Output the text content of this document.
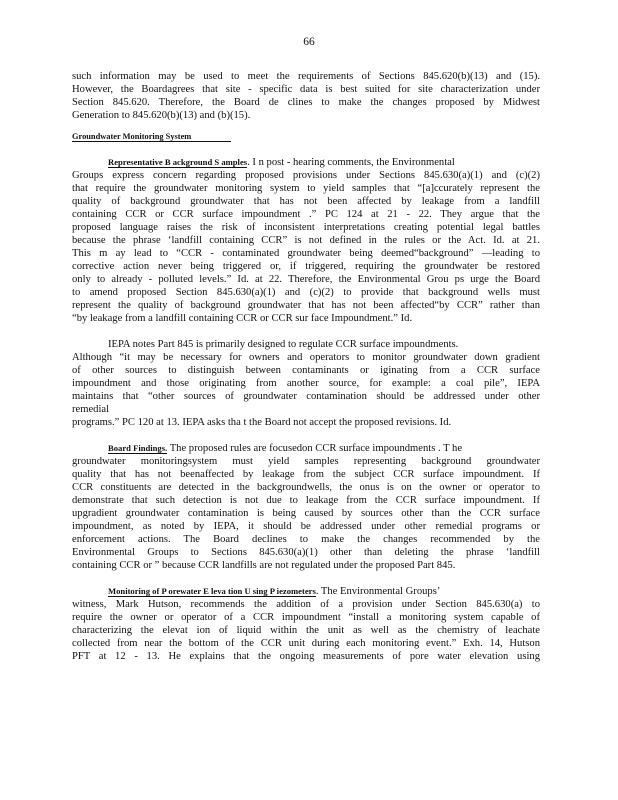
66
such information may be used to meet the requirements of Sections 845.620(b)(13) and (15).
However, the Boardagrees that site - specific data is best suited for site characterization under
Section 845.620. Therefore, the Board de clines to make the changes proposed by Midwest
Generation to 845.620(b)(13) and (b)(15).
Groundwater Monitoring System
Representative B ackground S amples. I n post - hearing comments, the Environmental
Groups express concern regarding proposed provisions under Sections 845.630(a)(1) and (c)(2)
that require the groundwater monitoring system to yield samples that “[a]ccurately represent the
quality of background groundwater that has not been affected by leakage from a landfill
containing CCR or CCR surface impoundment .” PC 124 at 21 - 22. They argue that the
proposed language raises the risk of inconsistent interpretations creating potential legal battles
because the phrase ‘landfill containing CCR” is not defined in the rules or the Act. Id. at 21.
This m ay lead to “CCR - contaminated groundwater being deemed“background” —leading to
corrective action never being triggered or, if triggered, requiring the groundwater be restored
only to already - polluted levels.” Id. at 22. Therefore, the Environmental Grou ps urge the Board
to amend proposed Section 845.630(a)(1) and (c)(2) to provide that background wells must
represent the quality of background groundwater that has not been affected“by CCR” rather than
“by leakage from a landfill containing CCR or CCR sur face Impoundment.” Id.
IEPA notes Part 845 is primarily designed to regulate CCR surface impoundments.
Although “it may be necessary for owners and operators to monitor groundwater down gradient
of other sources to distinguish between contaminants or iginating from a CCR surface
impoundment and those originating from another source, for example: a coal pile”, IEPA
maintains that “other sources of groundwater contamination should be addressed under other
remedial
programs.” PC 120 at 13. IEPA asks tha t the Board not accept the proposed revisions. Id.
Board Findings. The proposed rules are focusedon CCR surface impoundments . T he
groundwater monitoringsystem must yield samples representing background groundwater
quality that has not beenaffected by leakage from the subject CCR surface impoundment. If
CCR constituents are detected in the backgroundwells, the onus is on the owner or operator to
demonstrate that such detection is not due to leakage from the CCR surface impoundment. If
upgradient groundwater contamination is being caused by sources other than the CCR surface
impoundment, as noted by IEPA, it should be addressed under other remedial programs or
enforcement actions. The Board declines to make the changes recommended by the
Environmental Groups to Sections 845.630(a)(1) other than deleting the phrase ‘landfill
containing CCR or ” because CCR landfills are not regulated under the proposed Part 845.
Monitoring of P orewater E leva tion U sing P iezometers. The Environmental Groups’
witness, Mark Hutson, recommends the addition of a provision under Section 845.630(a) to
require the owner or operator of a CCR impoundment “install a monitoring system capable of
characterizing the elevat ion of liquid within the unit as well as the chemistry of leachate
collected from near the bottom of the CCR unit during each monitoring event.” Exh. 14, Hutson
PFT at 12 - 13. He explains that the ongoing measurements of pore water elevation using
